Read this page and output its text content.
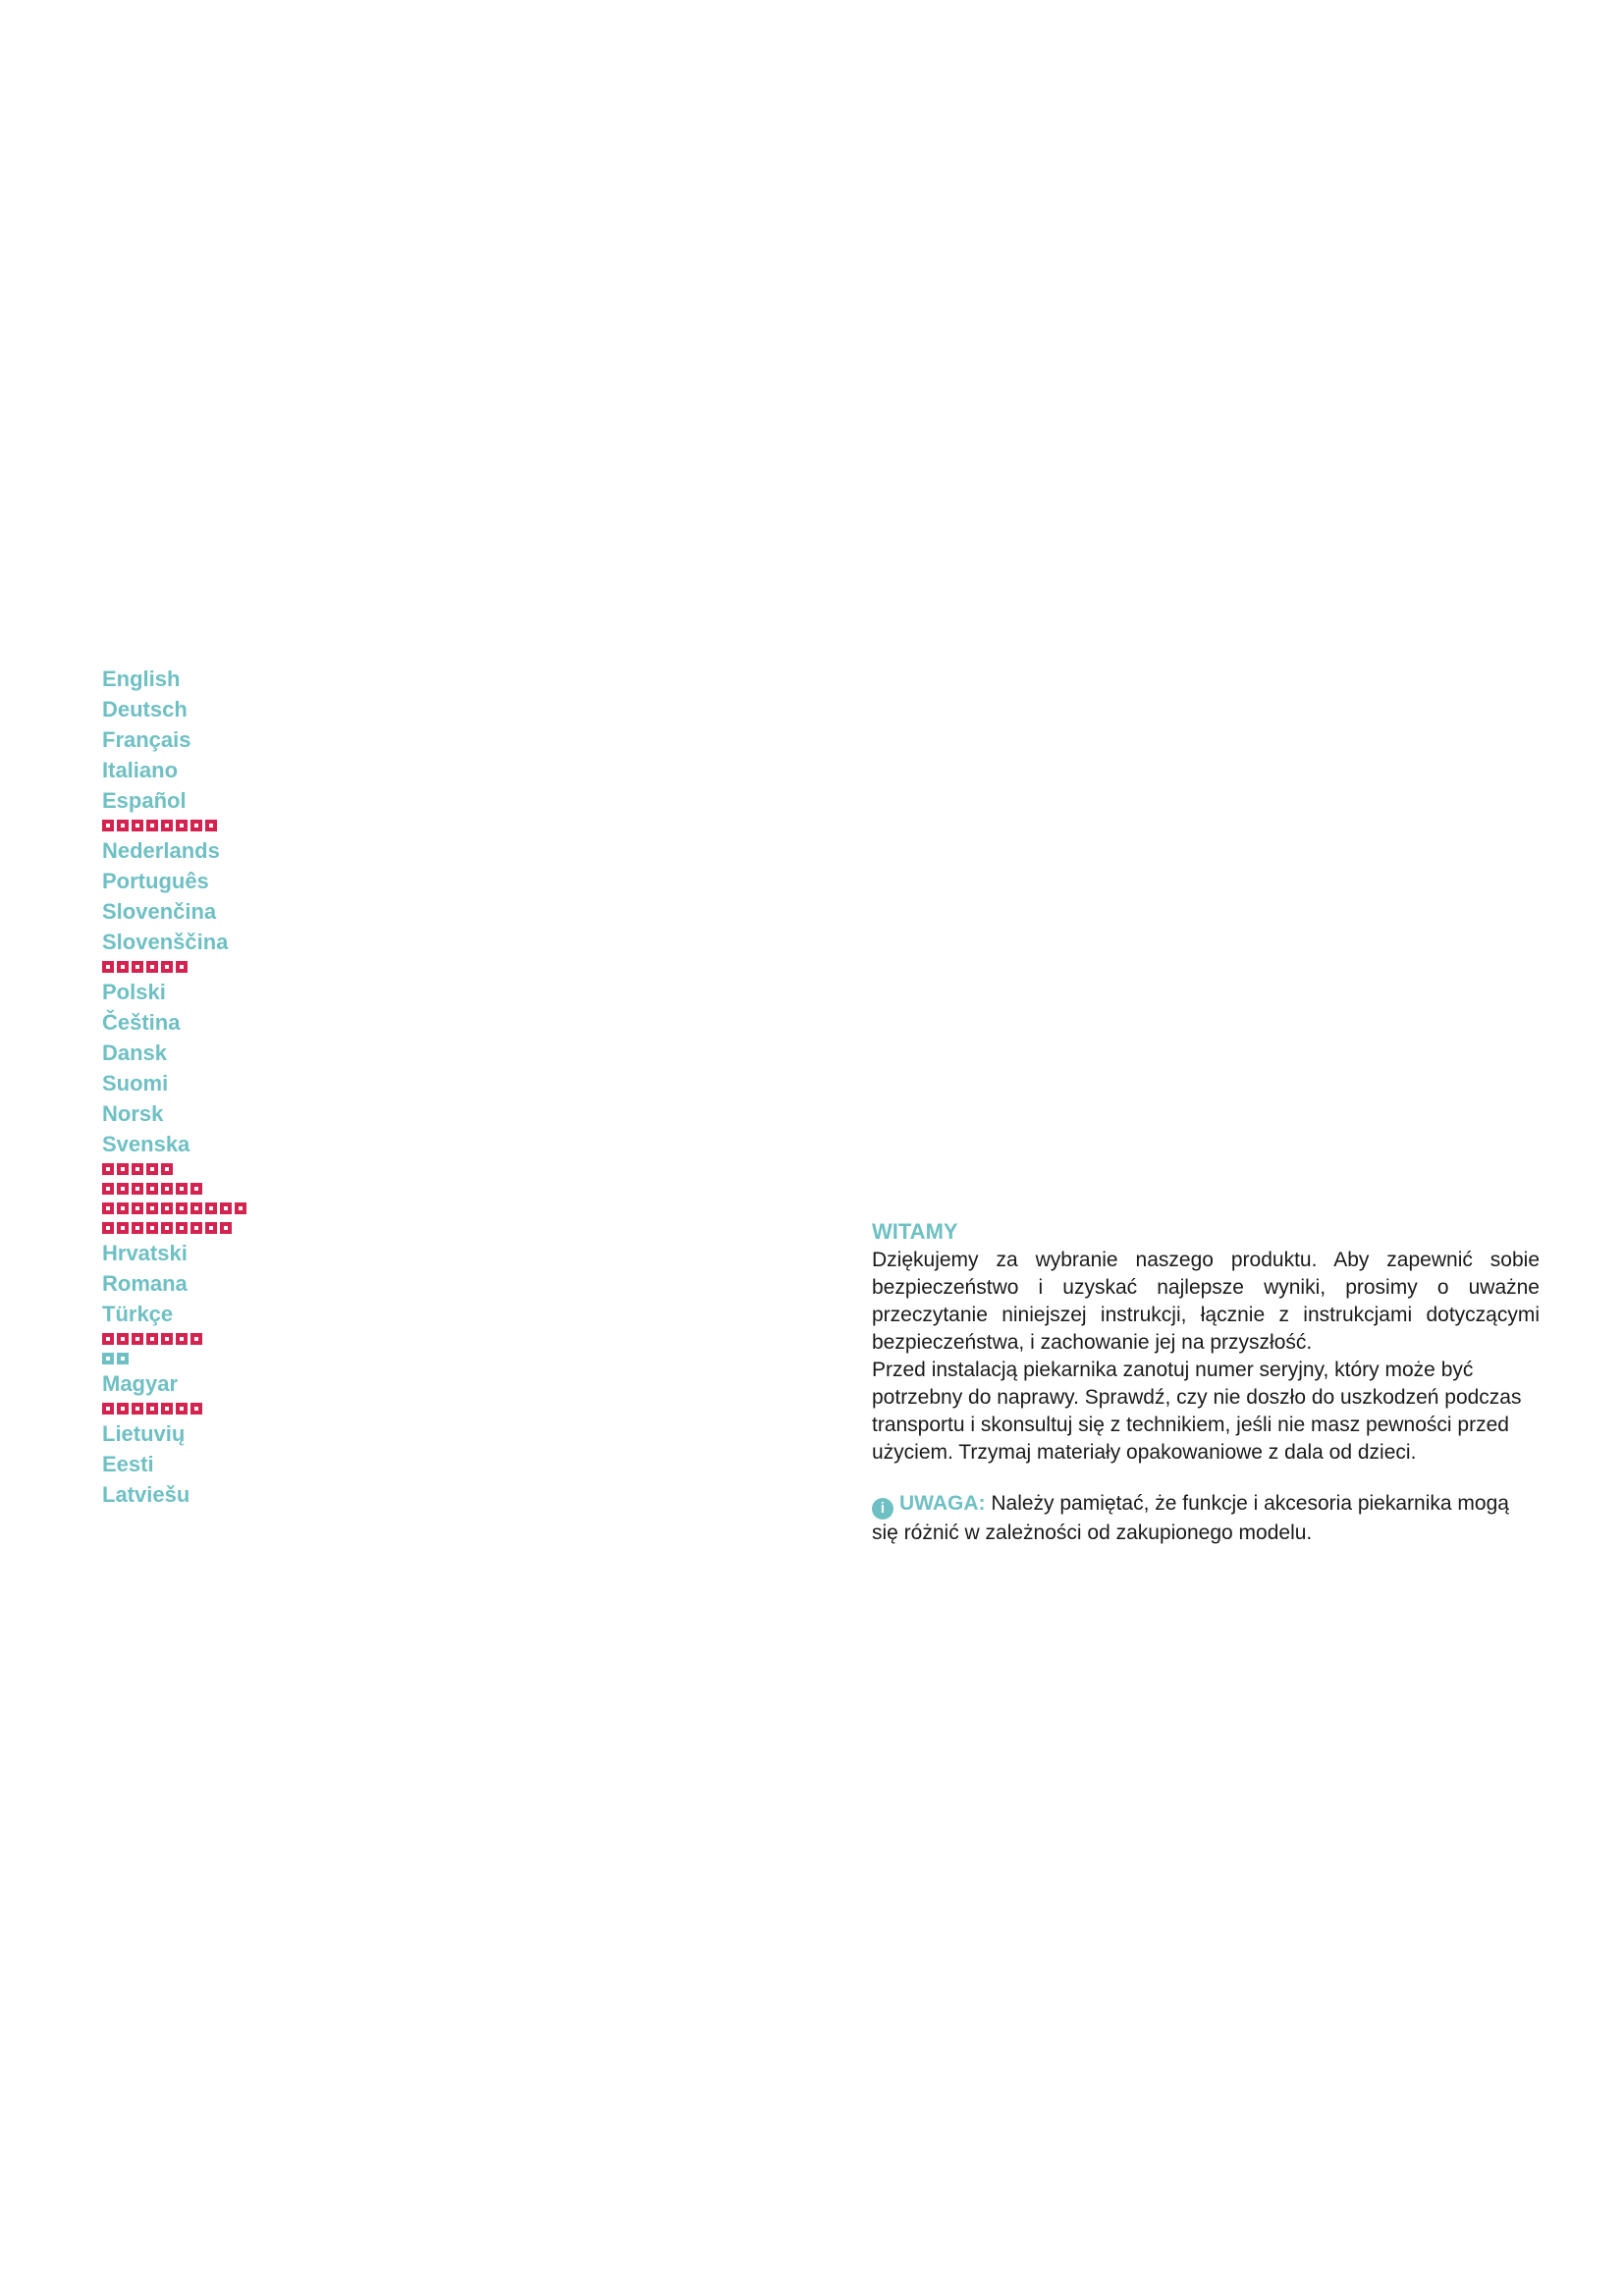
English
Deutsch
Français
Italiano
Español
Nederlands
Português
Slovenčina
Slovenščina
Polski
Čeština
Dansk
Suomi
Norsk
Svenska
Hrvatski
Romana
Türkçe
Magyar
Lietuvių
Eesti
Latviešu
WITAMY

Dziękujemy za wybranie naszego produktu. Aby zapewnić sobie bezpieczeństwo i uzyskać najlepsze wyniki, prosimy o uważne przeczytanie niniejszej instrukcji, łącznie z instrukcjami dotyczącymi bezpieczeństwa, i zachowanie jej na przyszłość.

Przed instalacją piekarnika zanotuj numer seryjny, który może być potrzebny do naprawy. Sprawdź, czy nie doszło do uszkodzeń podczas transportu i skonsultuj się z technikiem, jeśli nie masz pewności przed użyciem. Trzymaj materiały opakowaniowe z dala od dzieci.

i UWAGA: Należy pamiętać, że funkcje i akcesoria piekarnika mogą się różnić w zależności od zakupionego modelu.
